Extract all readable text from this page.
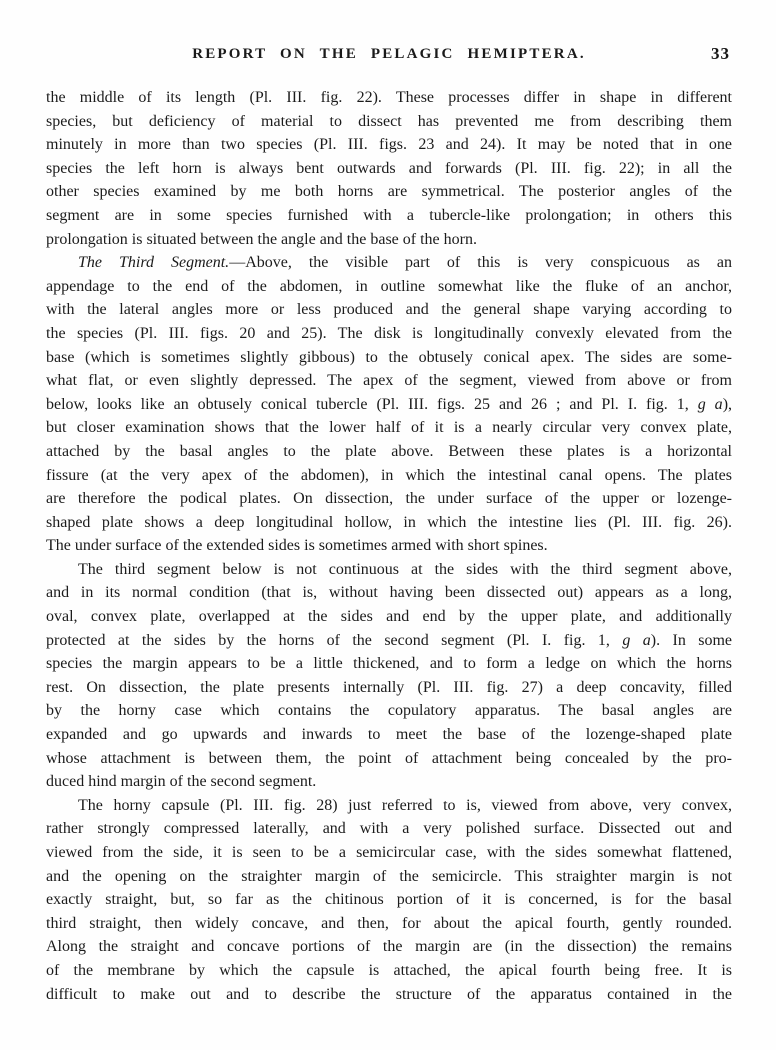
REPORT ON THE PELAGIC HEMIPTERA.	33
the middle of its length (Pl. III. fig. 22). These processes differ in shape in different
species, but deficiency of material to dissect has prevented me from describing them
minutely in more than two species (Pl. III. figs. 23 and 24). It may be noted that in one
species the left horn is always bent outwards and forwards (Pl. III. fig. 22); in all the
other species examined by me both horns are symmetrical. The posterior angles of the
segment are in some species furnished with a tubercle-like prolongation; in others this
prolongation is situated between the angle and the base of the horn.
The Third Segment.—Above, the visible part of this is very conspicuous as an
appendage to the end of the abdomen, in outline somewhat like the fluke of an anchor,
with the lateral angles more or less produced and the general shape varying according to
the species (Pl. III. figs. 20 and 25). The disk is longitudinally convexly elevated from the
base (which is sometimes slightly gibbous) to the obtusely conical apex. The sides are some-
what flat, or even slightly depressed. The apex of the segment, viewed from above or from
below, looks like an obtusely conical tubercle (Pl. III. figs. 25 and 26 ; and Pl. I. fig. 1, g a),
but closer examination shows that the lower half of it is a nearly circular very convex plate,
attached by the basal angles to the plate above. Between these plates is a horizontal
fissure (at the very apex of the abdomen), in which the intestinal canal opens. The plates
are therefore the podical plates. On dissection, the under surface of the upper or lozenge-
shaped plate shows a deep longitudinal hollow, in which the intestine lies (Pl. III. fig. 26).
The under surface of the extended sides is sometimes armed with short spines.
The third segment below is not continuous at the sides with the third segment above,
and in its normal condition (that is, without having been dissected out) appears as a long,
oval, convex plate, overlapped at the sides and end by the upper plate, and additionally
protected at the sides by the horns of the second segment (Pl. I. fig. 1, g a). In some
species the margin appears to be a little thickened, and to form a ledge on which the horns
rest. On dissection, the plate presents internally (Pl. III. fig. 27) a deep concavity, filled
by the horny case which contains the copulatory apparatus. The basal angles are
expanded and go upwards and inwards to meet the base of the lozenge-shaped plate
whose attachment is between them, the point of attachment being concealed by the pro-
duced hind margin of the second segment.
The horny capsule (Pl. III. fig. 28) just referred to is, viewed from above, very convex,
rather strongly compressed laterally, and with a very polished surface. Dissected out and
viewed from the side, it is seen to be a semicircular case, with the sides somewhat flattened,
and the opening on the straighter margin of the semicircle. This straighter margin is not
exactly straight, but, so far as the chitinous portion of it is concerned, is for the basal
third straight, then widely concave, and then, for about the apical fourth, gently rounded.
Along the straight and concave portions of the margin are (in the dissection) the remains
of the membrane by which the capsule is attached, the apical fourth being free. It is
difficult to make out and to describe the structure of the apparatus contained in the
